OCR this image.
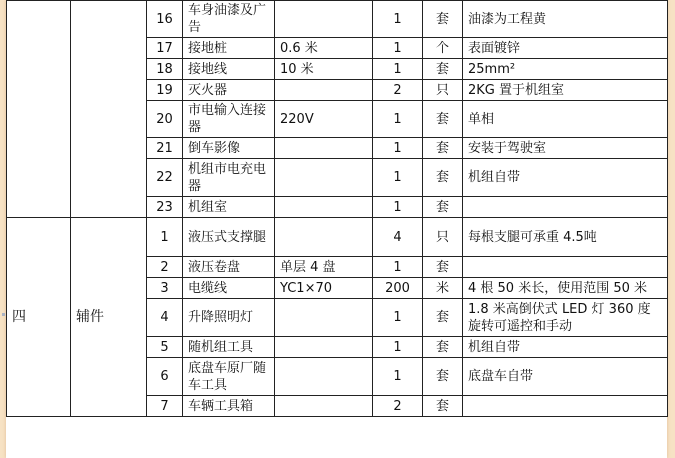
		16	车身油漆及广告		1	套	油漆为工程黄
		17	接地桩	0.6 米	1	个	表面镀锌
		18	接地线	10 米	1	套	25mm²
		19	灭火器		2	只	2KG 置于机组室
		20	市电输入连接器	220V	1	套	单相
		21	倒车影像		1	套	安装于驾驶室
		22	机组市电充电器		1	套	机组自带
		23	机组室		1	套	
四	辅件	1	液压式支撑腿		4	只	每根支腿可承重 4.5吨
		2	液压卷盘	单层 4 盘	1	套	
		3	电缆线	YC1×70	200	米	4 根 50 米长，使用范围 50 米
		4	升降照明灯		1	套	1.8 米高倒伏式 LED 灯 360 度旋转可遥控和手动
		5	随机组工具		1	套	机组自带
		6	底盘车原厂随车工具		1	套	底盘车自带
		7	车辆工具箱		2	套	
